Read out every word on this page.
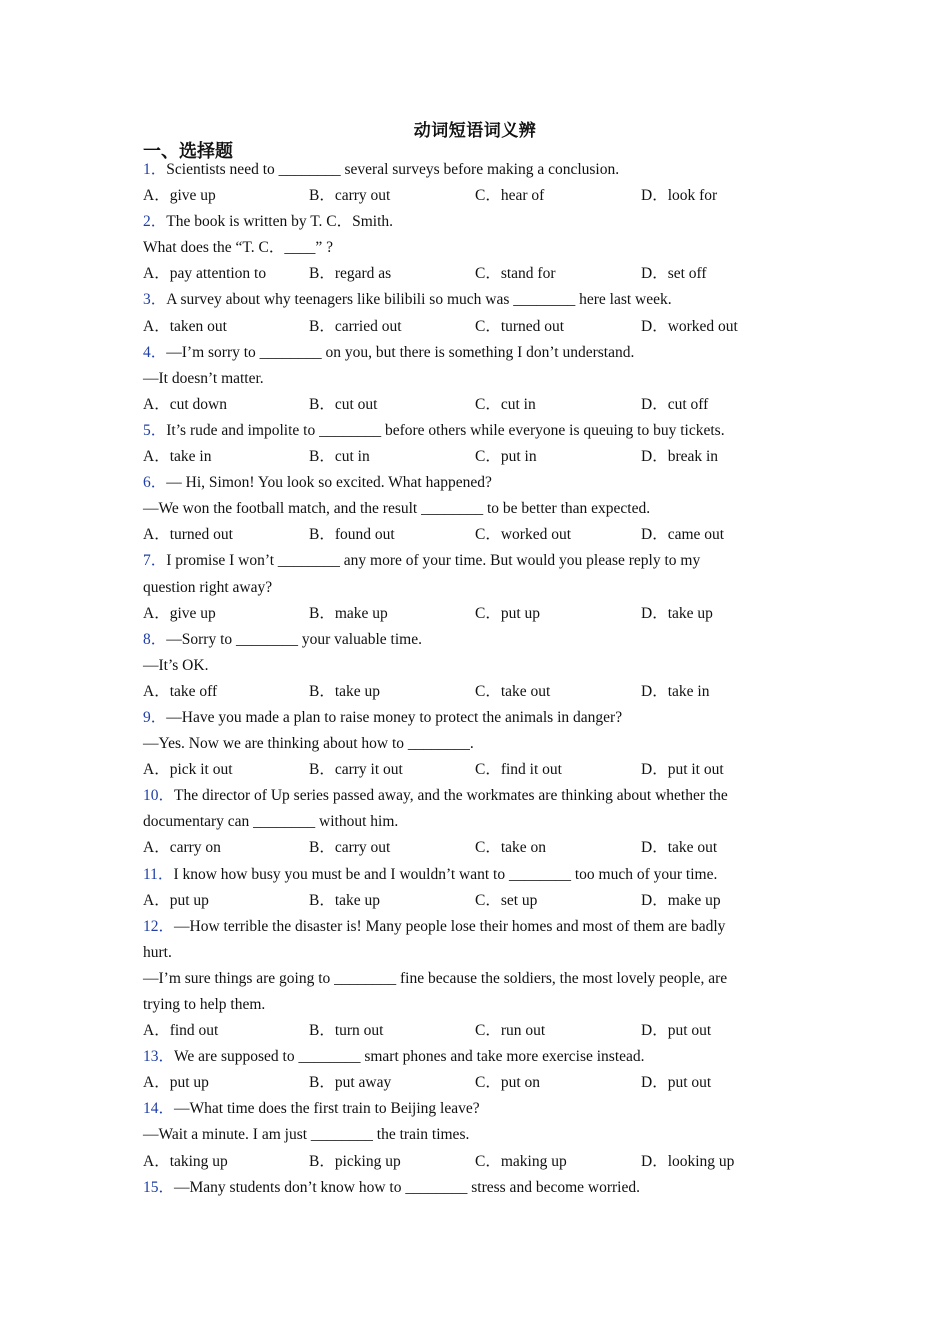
动词短语词义辨
一、选择题
1．Scientists need to ________ several surveys before making a conclusion.
A．give up	B．carry out	C．hear of	D．look for
2．The book is written by T. C．Smith.
What does the “T. C．____” ?
A．pay attention to	B．regard as	C．stand for	D．set off
3．A survey about why teenagers like bilibili so much was ________ here last week.
A．taken out	B．carried out	C．turned out	D．worked out
4．—I’m sorry to ________ on you, but there is something I don’t understand.
—It doesn’t matter.
A．cut down	B．cut out	C．cut in	D．cut off
5．It’s rude and impolite to ________ before others while everyone is queuing to buy tickets.
A．take in	B．cut in	C．put in	D．break in
6．— Hi, Simon! You look so excited. What happened?
—We won the football match, and the result ________ to be better than expected.
A．turned out	B．found out	C．worked out	D．came out
7．I promise I won’t ________ any more of your time. But would you please reply to my
question right away?
A．give up	B．make up	C．put up	D．take up
8．—Sorry to ________ your valuable time.
—It’s OK.
A．take off	B．take up	C．take out	D．take in
9．—Have you made a plan to raise money to protect the animals in danger?
—Yes. Now we are thinking about how to ________.
A．pick it out	B．carry it out	C．find it out	D．put it out
10．The director of Up series passed away, and the workmates are thinking about whether the
documentary can ________ without him.
A．carry on	B．carry out	C．take on	D．take out
11．I know how busy you must be and I wouldn’t want to ________ too much of your time.
A．put up	B．take up	C．set up	D．make up
12．—How terrible the disaster is! Many people lose their homes and most of them are badly
hurt.
—I’m sure things are going to ________ fine because the soldiers, the most lovely people, are
trying to help them.
A．find out	B．turn out	C．run out	D．put out
13．We are supposed to ________ smart phones and take more exercise instead.
A．put up	B．put away	C．put on	D．put out
14．—What time does the first train to Beijing leave?
—Wait a minute. I am just ________ the train times.
A．taking up	B．picking up	C．making up	D．looking up
15．—Many students don’t know how to ________ stress and become worried.
